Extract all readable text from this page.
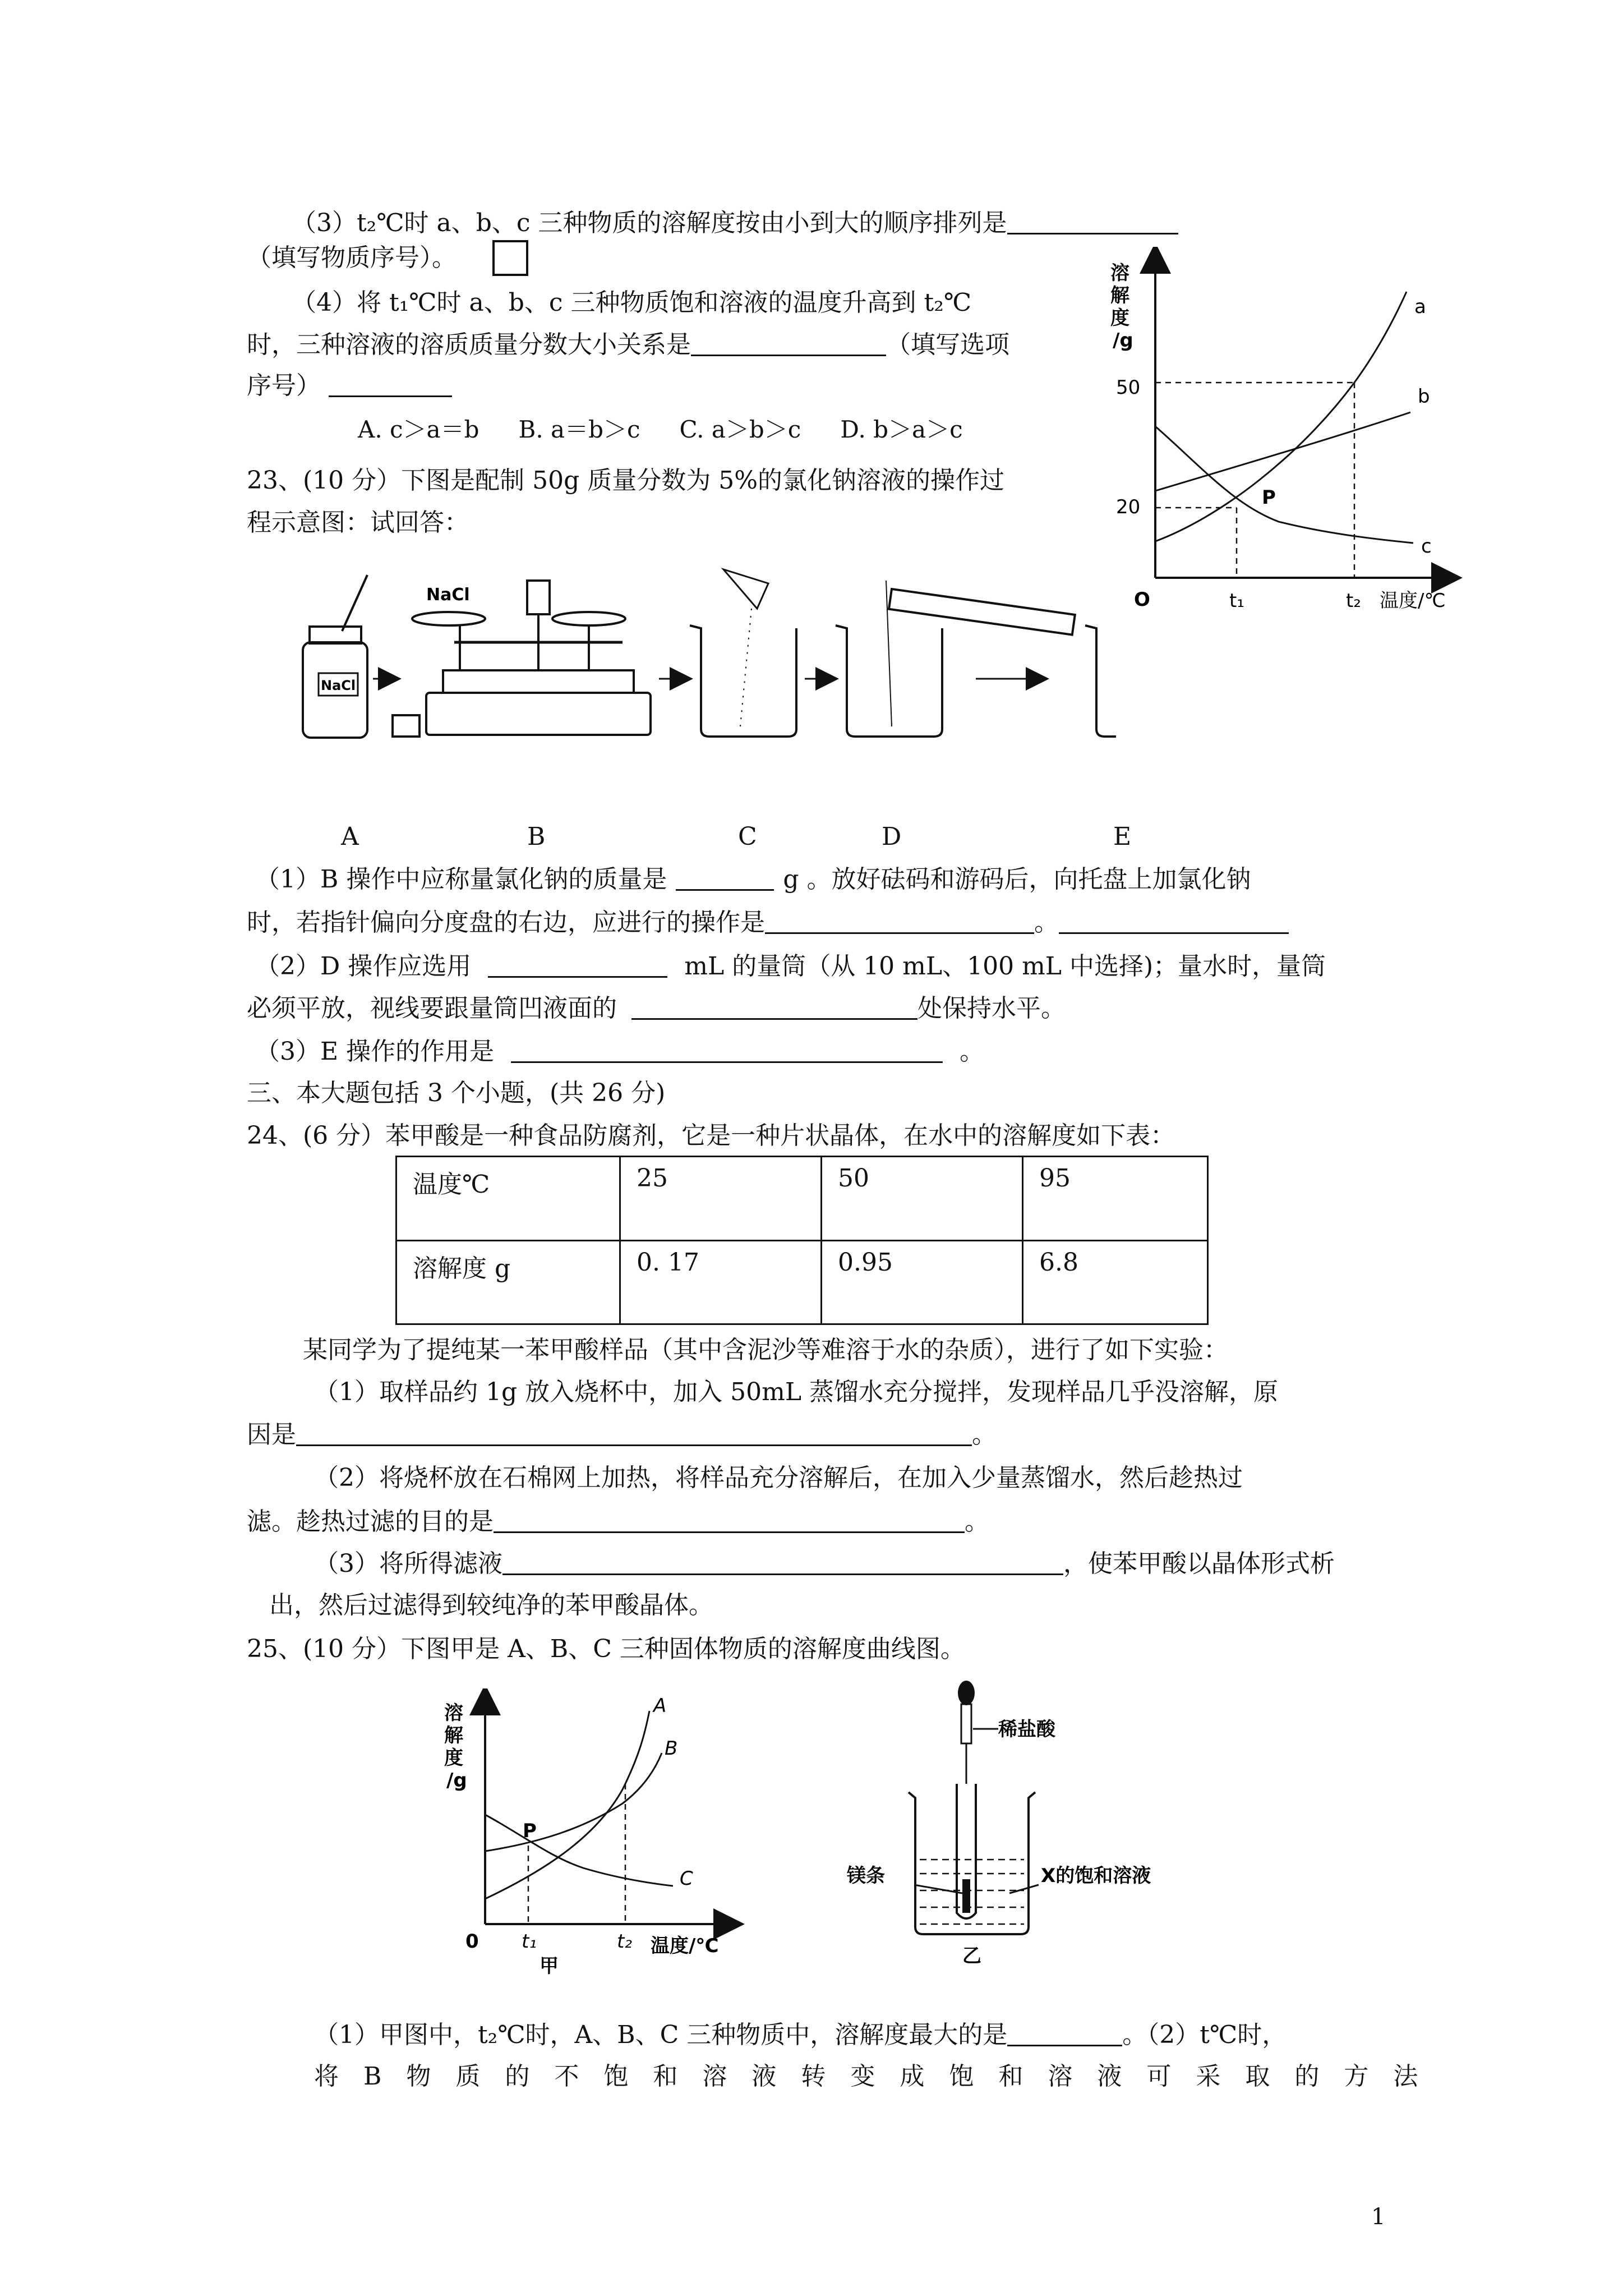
（3）t₂℃时 a、b、c 三种物质的溶解度按由小到大的顺序排列是
（填写物质序号）。
（4）将 t₁℃时 a、b、c 三种物质饱和溶液的温度升高到 t₂℃
时，三种溶液的溶质质量分数大小关系是	（填写选项
序号）
A. c＞a＝b B. a＝b＞c C. a＞b＞c D. b＞a＞c
溶
解
度
/g
50
20
O	t₁	t₂ 温度/℃
a
b
c
P
23、(10 分）下图是配制 50g 质量分数为 5%的氯化钠溶液的操作过
程示意图：试回答：
NaCl
NaCl
A	B	C	D	E
（1）B 操作中应称量氯化钠的质量是	g 。放好砝码和游码后，向托盘上加氯化钠
时，若指针偏向分度盘的右边，应进行的操作是	。
（2）D 操作应选用	mL 的量筒（从 10 mL、100 mL 中选择)；量水时，量筒
必须平放，视线要跟量筒凹液面的	处保持水平。
（3）E 操作的作用是	。
三、本大题包括 3 个小题，(共 26 分)
24、(6 分）苯甲酸是一种食品防腐剂，它是一种片状晶体，在水中的溶解度如下表：
温度℃	25	50	95
溶解度 g	0. 17	0.95	6.8
某同学为了提纯某一苯甲酸样品（其中含泥沙等难溶于水的杂质），进行了如下实验：
（1）取样品约 1g 放入烧杯中，加入 50mL 蒸馏水充分搅拌，发现样品几乎没溶解，原
因是	。
（2）将烧杯放在石棉网上加热，将样品充分溶解后，在加入少量蒸馏水，然后趁热过
滤。趁热过滤的目的是	。
（3）将所得滤液	，使苯甲酸以晶体形式析
出，然后过滤得到较纯净的苯甲酸晶体。
25、(10 分）下图甲是 A、B、C 三种固体物质的溶解度曲线图。
溶
解
度
/g
0 t₁	t₂ 温度/℃
甲
A
B
C
P
稀盐酸
镁条	X的饱和溶液
乙
（1）甲图中，t₂℃时，A、B、C 三种物质中，溶解度最大的是	。（2）t℃时，
将　B　物　质　的　不　饱　和　溶　液　转　变　成　饱　和　溶　液　可　采　取　的　方　法
1
